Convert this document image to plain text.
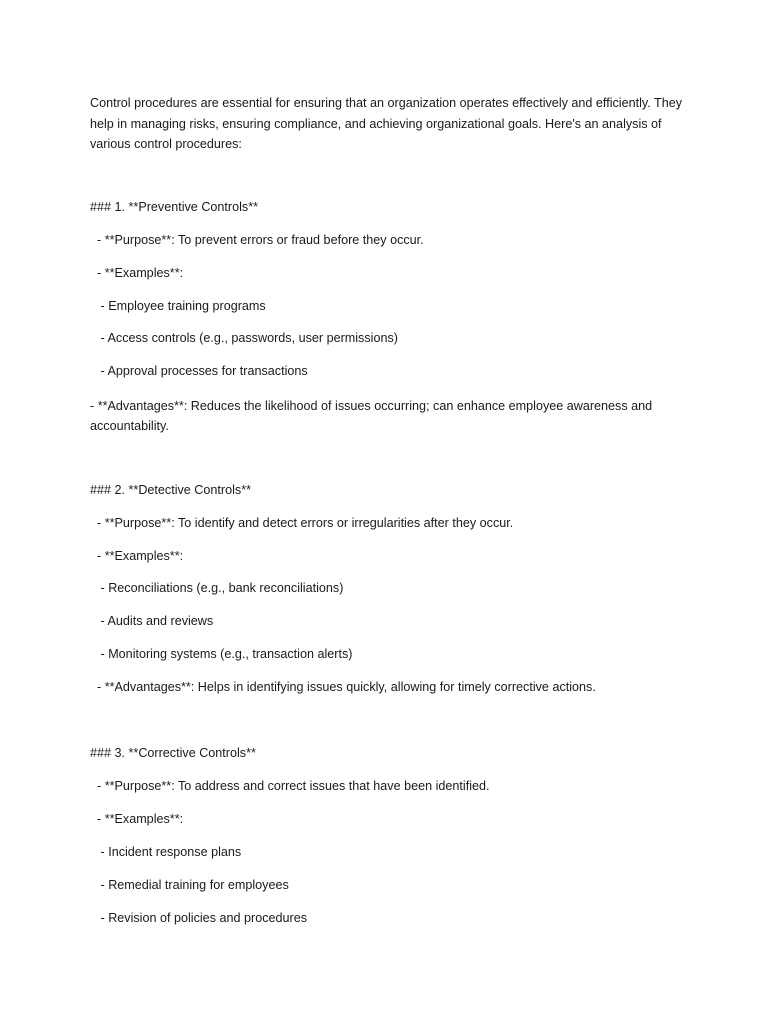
Control procedures are essential for ensuring that an organization operates effectively and efficiently. They help in managing risks, ensuring compliance, and achieving organizational goals. Here's an analysis of various control procedures:
### 1. **Preventive Controls**
- **Purpose**: To prevent errors or fraud before they occur.
- **Examples**:
- Employee training programs
- Access controls (e.g., passwords, user permissions)
- Approval processes for transactions
- **Advantages**: Reduces the likelihood of issues occurring; can enhance employee awareness and accountability.
### 2. **Detective Controls**
- **Purpose**: To identify and detect errors or irregularities after they occur.
- **Examples**:
- Reconciliations (e.g., bank reconciliations)
- Audits and reviews
- Monitoring systems (e.g., transaction alerts)
- **Advantages**: Helps in identifying issues quickly, allowing for timely corrective actions.
### 3. **Corrective Controls**
- **Purpose**: To address and correct issues that have been identified.
- **Examples**:
- Incident response plans
- Remedial training for employees
- Revision of policies and procedures
